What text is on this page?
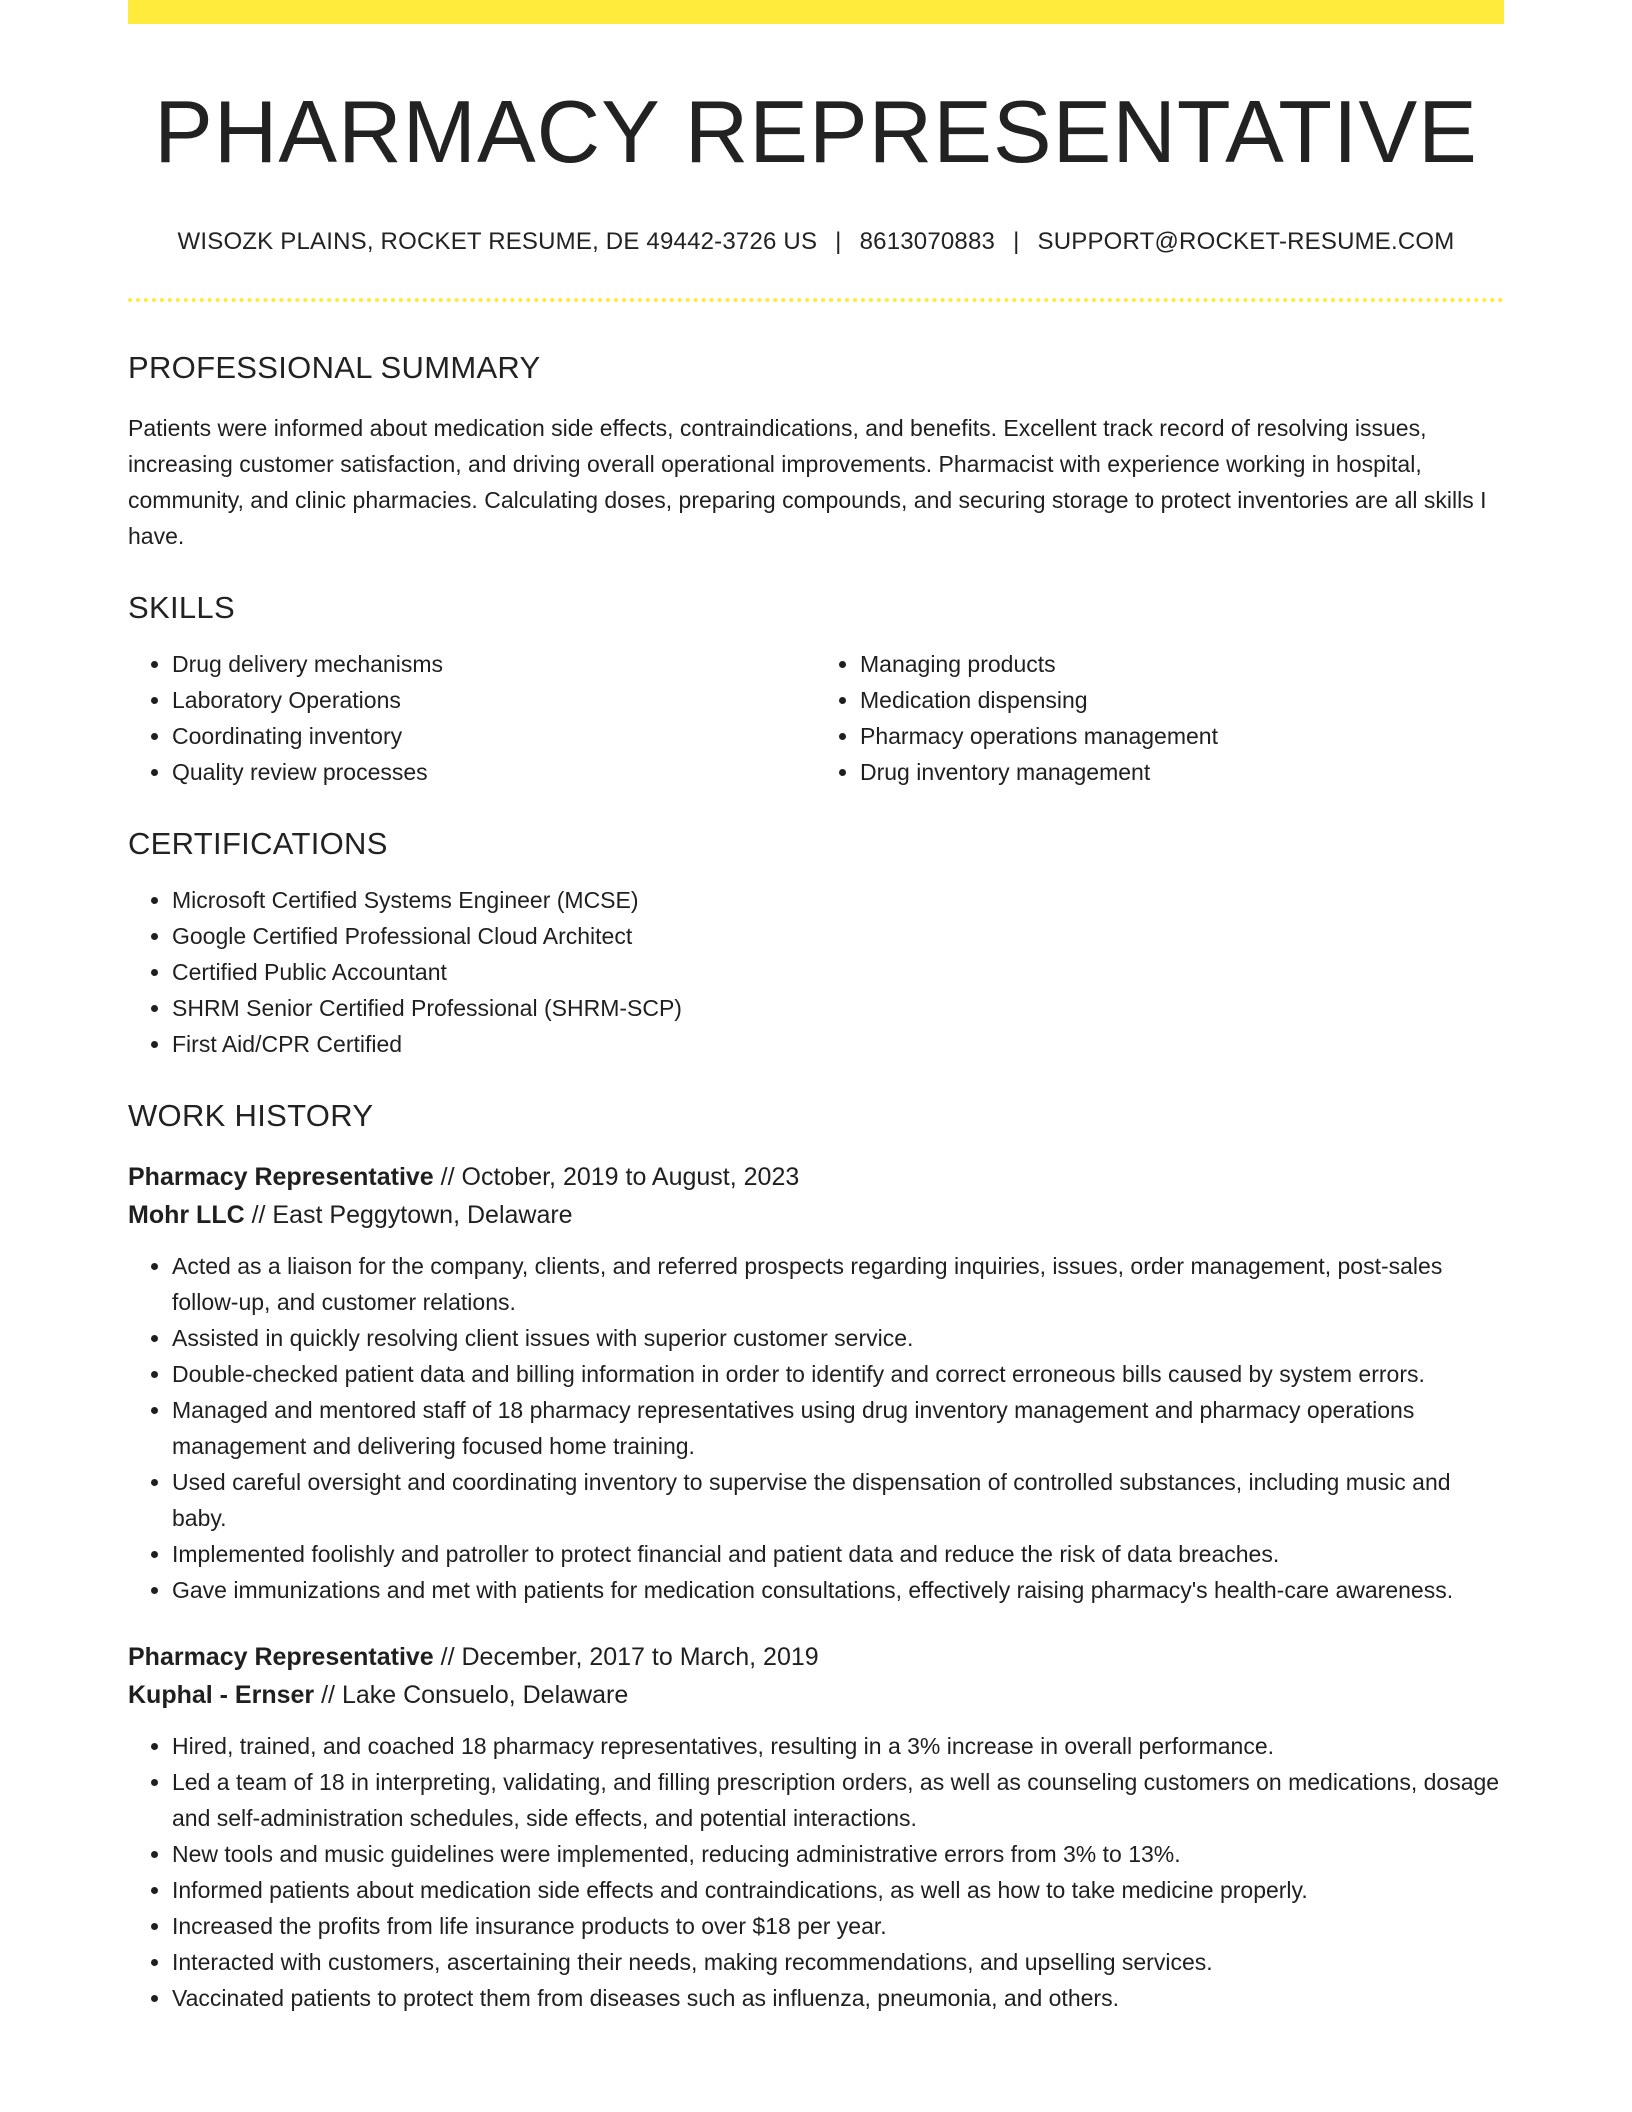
PHARMACY REPRESENTATIVE
WISOZK PLAINS, ROCKET RESUME, DE 49442-3726 US | 8613070883 | SUPPORT@ROCKET-RESUME.COM
PROFESSIONAL SUMMARY

Patients were informed about medication side effects, contraindications, and benefits. Excellent track record of resolving issues, increasing customer satisfaction, and driving overall operational improvements. Pharmacist with experience working in hospital, community, and clinic pharmacies. Calculating doses, preparing compounds, and securing storage to protect inventories are all skills I have.

SKILLS
• Drug delivery mechanisms
• Laboratory Operations
• Coordinating inventory
• Quality review processes
• Managing products
• Medication dispensing
• Pharmacy operations management
• Drug inventory management
CERTIFICATIONS
• Microsoft Certified Systems Engineer (MCSE)
• Google Certified Professional Cloud Architect
• Certified Public Accountant
• SHRM Senior Certified Professional (SHRM-SCP)
• First Aid/CPR Certified
WORK HISTORY
Pharmacy Representative // October, 2019 to August, 2023
Mohr LLC // East Peggytown, Delaware
• Acted as a liaison for the company, clients, and referred prospects regarding inquiries, issues, order management, post-sales follow-up, and customer relations.
• Assisted in quickly resolving client issues with superior customer service.
• Double-checked patient data and billing information in order to identify and correct erroneous bills caused by system errors.
• Managed and mentored staff of 18 pharmacy representatives using drug inventory management and pharmacy operations management and delivering focused home training.
• Used careful oversight and coordinating inventory to supervise the dispensation of controlled substances, including music and baby.
• Implemented foolishly and patroller to protect financial and patient data and reduce the risk of data breaches.
• Gave immunizations and met with patients for medication consultations, effectively raising pharmacy's health-care awareness.
Pharmacy Representative // December, 2017 to March, 2019
Kuphal - Ernser // Lake Consuelo, Delaware
• Hired, trained, and coached 18 pharmacy representatives, resulting in a 3% increase in overall performance.
• Led a team of 18 in interpreting, validating, and filling prescription orders, as well as counseling customers on medications, dosage and self-administration schedules, side effects, and potential interactions.
• New tools and music guidelines were implemented, reducing administrative errors from 3% to 13%.
• Informed patients about medication side effects and contraindications, as well as how to take medicine properly.
• Increased the profits from life insurance products to over $18 per year.
• Interacted with customers, ascertaining their needs, making recommendations, and upselling services.
• Vaccinated patients to protect them from diseases such as influenza, pneumonia, and others.
